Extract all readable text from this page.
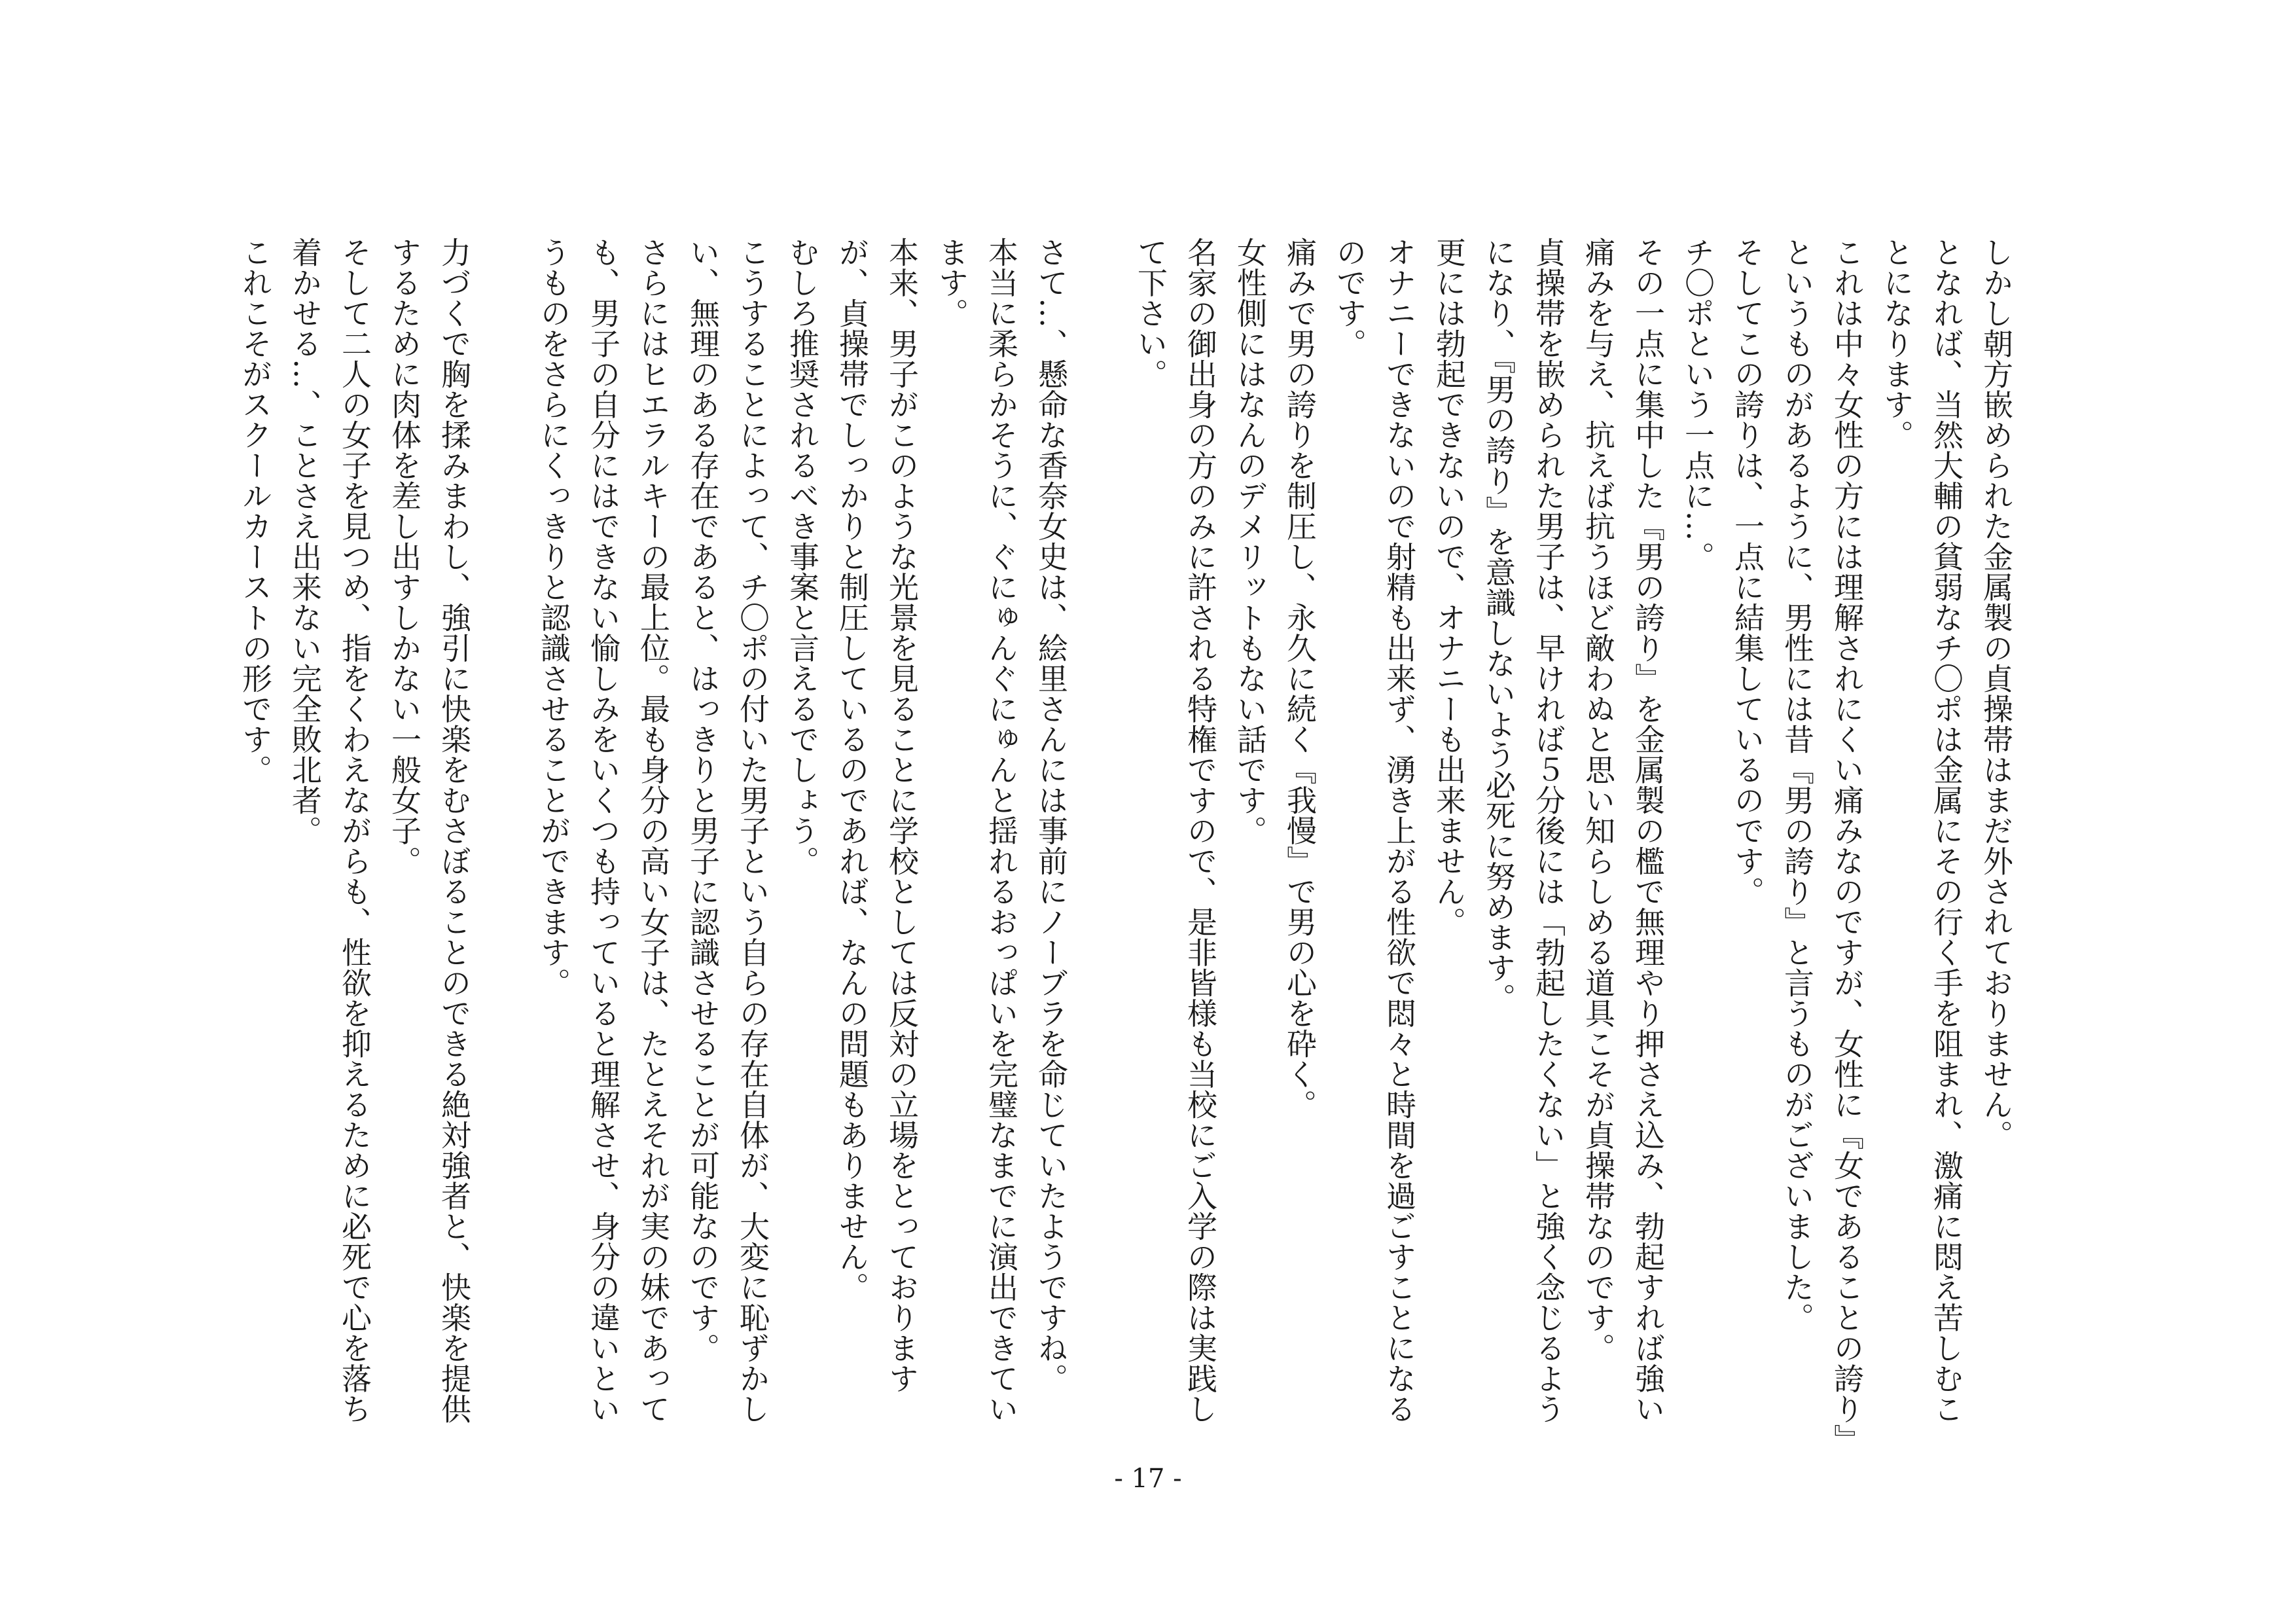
しかし朝方嵌められた金属製の貞操帯はまだ外されておりません。

となれば、当然大輔の貧弱なチ〇ポは金属にその行く手を阻まれ、激痛に悶え苦しむことになります。

これは中々女性の方には理解されにくい痛みなのですが、女性に『女であることの誇り』というものがあるように、男性には昔『男の誇り』と言うものがございました。

そしてこの誇りは、一点に結集しているのです。

チ〇ポという一点に…。

その一点に集中した『男の誇り』を金属製の檻で無理やり押さえ込み、勃起すれば強い痛みを与え、抗えば抗うほど敵わぬと思い知らしめる道具こそが貞操帯なのです。

貞操帯を嵌められた男子は、早ければ５分後には「勃起したくない」と強く念じるようになり、『男の誇り』を意識しないよう必死に努めます。

更には勃起できないので、オナニーも出来ません。

オナニーできないので射精も出来ず、湧き上がる性欲で悶々と時間を過ごすことになるのです。

痛みで男の誇りを制圧し、永久に続く『我慢』で男の心を砕く。

女性側にはなんのデメリットもない話です。

名家の御出身の方のみに許される特権ですので、是非皆様も当校にご入学の際は実践して下さい。

さて…、懸命な香奈女史は、絵里さんには事前にノーブラを命じていたようですね。

本当に柔らかそうに、ぐにゅんぐにゅんと揺れるおっぱいを完璧なまでに演出できています。

本来、男子がこのような光景を見ることに学校としては反対の立場をとっておりますが、貞操帯でしっかりと制圧しているのであれば、なんの問題もありません。

むしろ推奨されるべき事案と言えるでしょう。

こうすることによって、チ〇ポの付いた男子という自らの存在自体が、大変に恥ずかしい、無理のある存在であると、はっきりと男子に認識させることが可能なのです。

さらにはヒエラルキーの最上位。最も身分の高い女子は、たとえそれが実の妹であっても、男子の自分にはできない愉しみをいくつも持っていると理解させ、身分の違いというものをさらにくっきりと認識させることができます。

力づくで胸を揉みまわし、強引に快楽をむさぼることのできる絶対強者と、快楽を提供するために肉体を差し出すしかない一般女子。

そして二人の女子を見つめ、指をくわえながらも、性欲を抑えるために必死で心を落ち着かせる…、ことさえ出来ない完全敗北者。

これこそがスクールカーストの形です。

- 17 -
